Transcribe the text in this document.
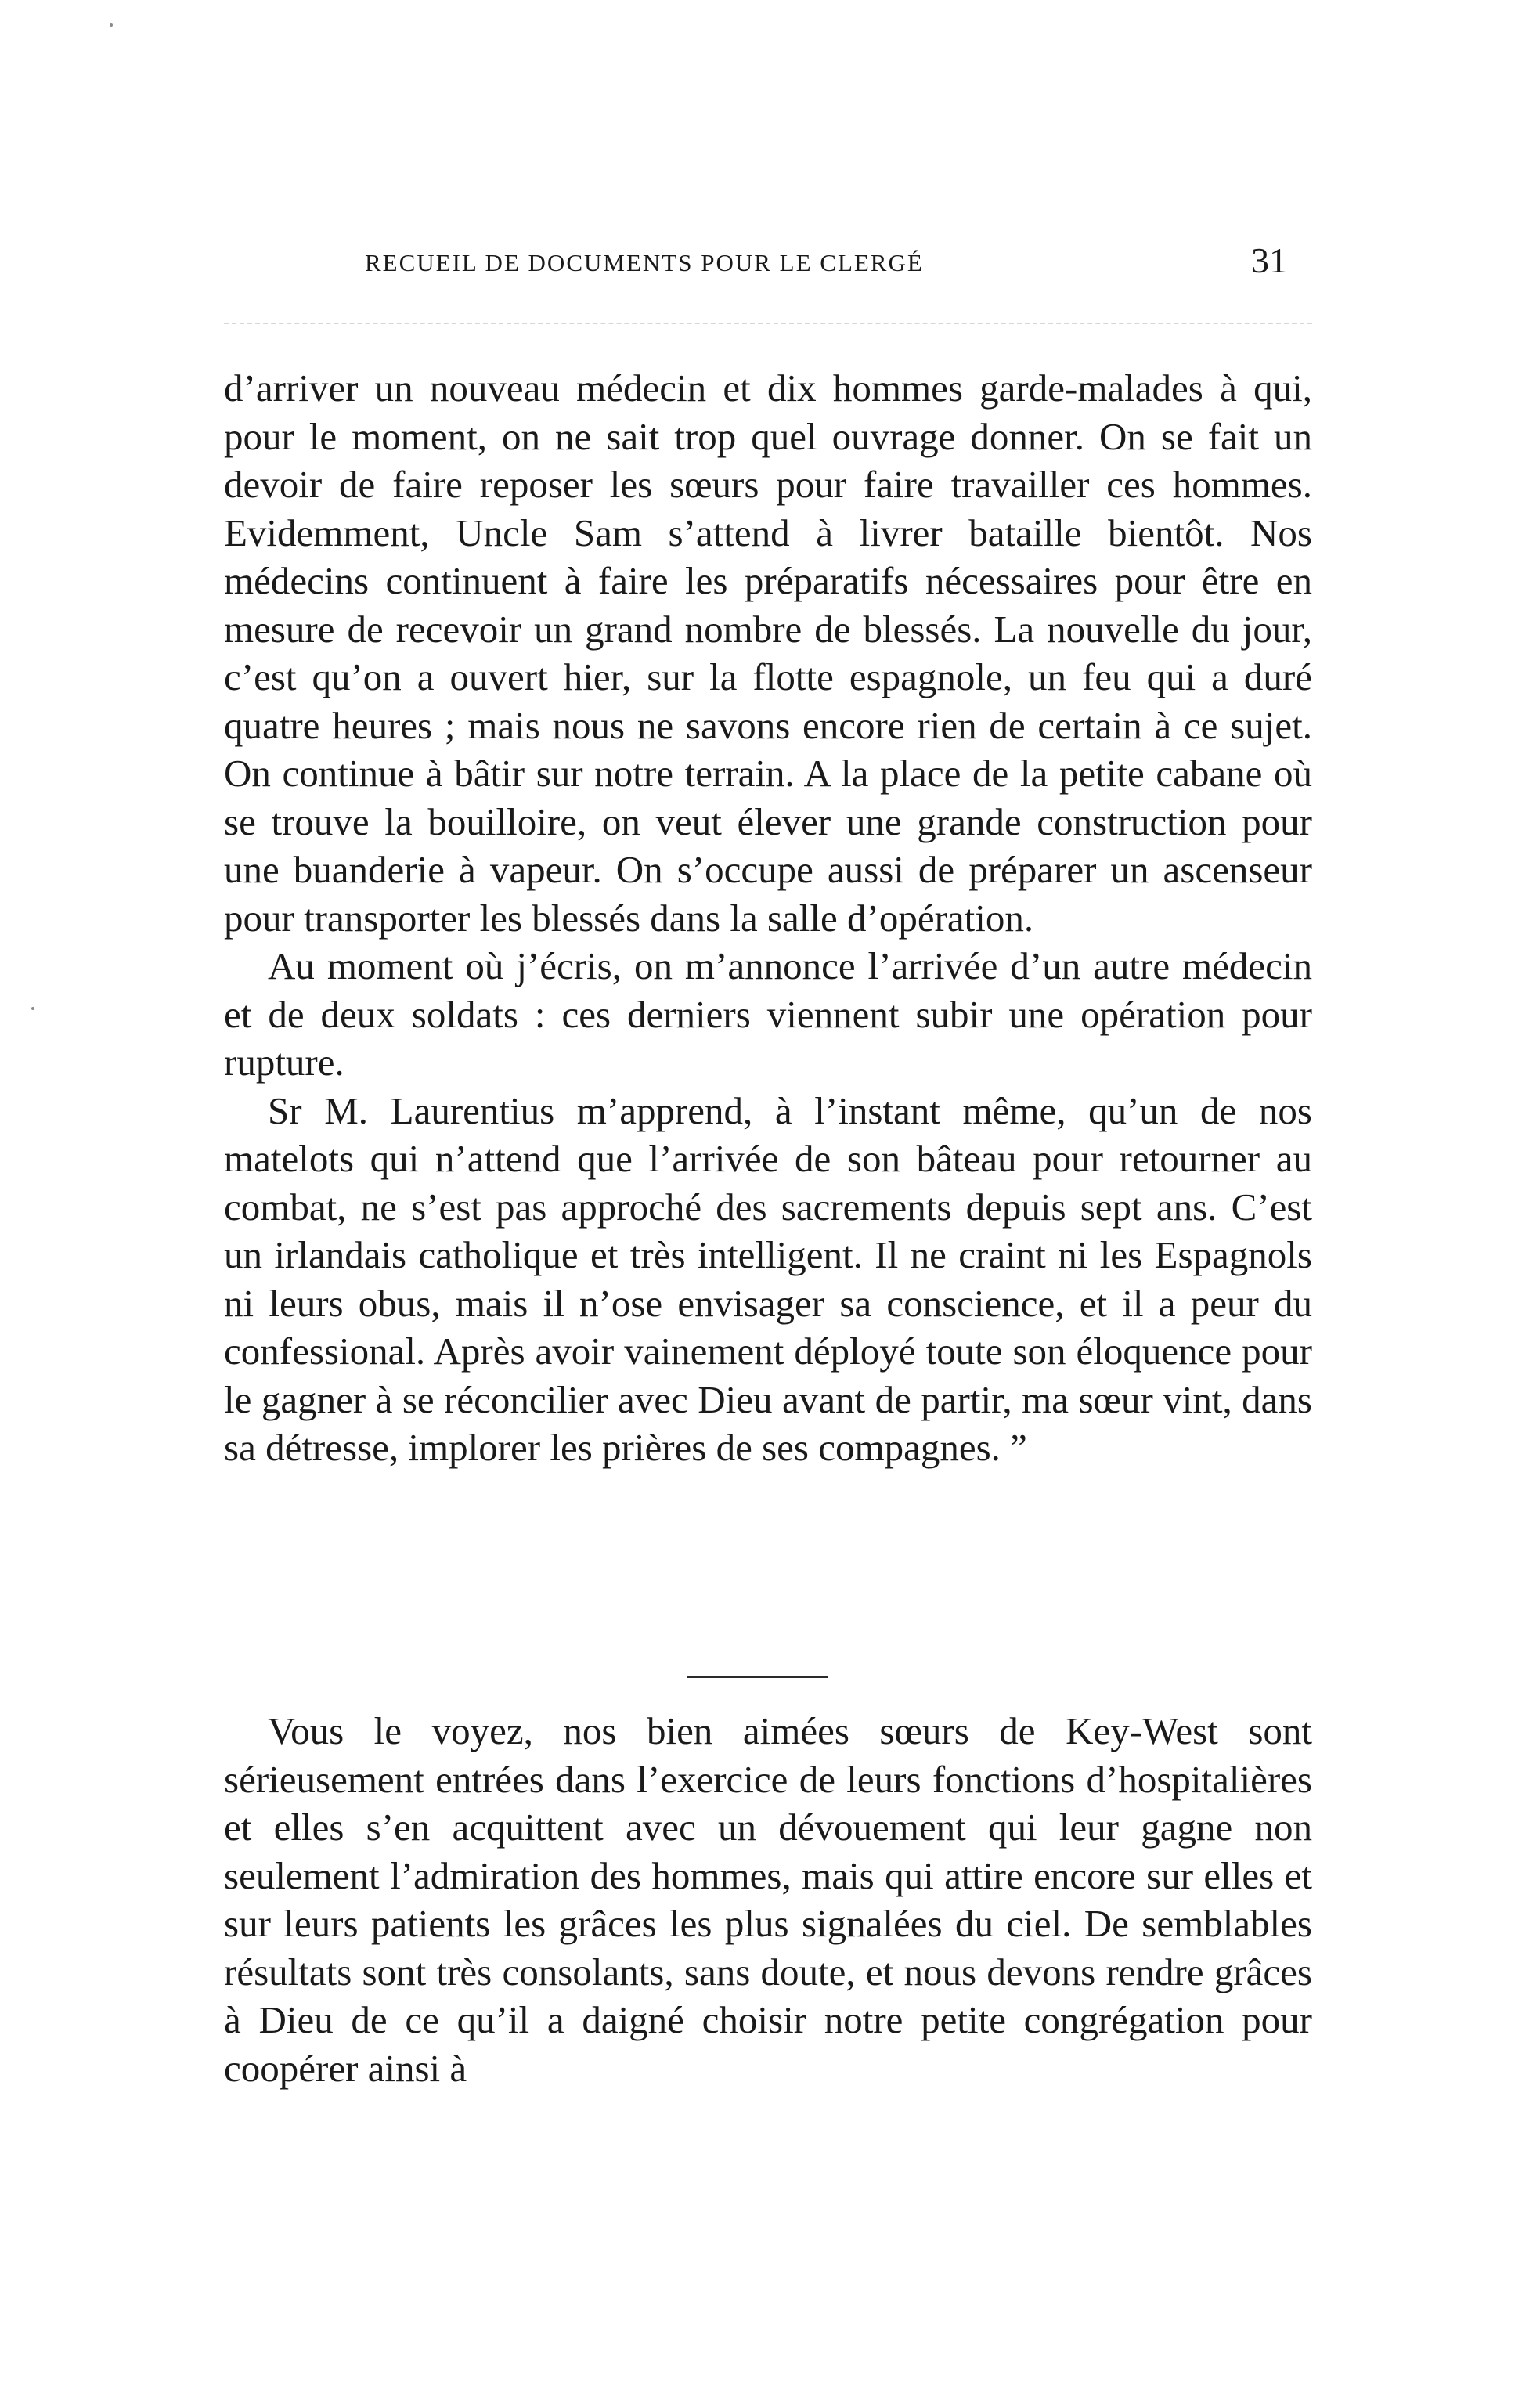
RECUEIL DE DOCUMENTS POUR LE CLERGÉ	31

d’arriver un nouveau médecin et dix hommes garde-malades à qui, pour le moment, on ne sait trop quel ouvrage donner. On se fait un devoir de faire reposer les sœurs pour faire travailler ces hommes. Evidemment, Uncle Sam s’attend à livrer bataille bientôt. Nos médecins continuent à faire les préparatifs nécessaires pour être en mesure de recevoir un grand nombre de blessés. La nouvelle du jour, c’est qu’on a ouvert hier, sur la flotte espagnole, un feu qui a duré quatre heures ; mais nous ne savons encore rien de certain à ce sujet. On continue à bâtir sur notre terrain. A la place de la petite cabane où se trouve la bouilloire, on veut élever une grande construction pour une buanderie à vapeur. On s’occupe aussi de préparer un ascenseur pour transporter les blessés dans la salle d’opération.

Au moment où j’écris, on m’annonce l’arrivée d’un autre médecin et de deux soldats : ces derniers viennent subir une opération pour rupture.

Sr M. Laurentius m’apprend, à l’instant même, qu’un de nos matelots qui n’attend que l’arrivée de son bâteau pour retourner au combat, ne s’est pas approché des sacrements depuis sept ans. C’est un irlandais catholique et très intelligent. Il ne craint ni les Espagnols ni leurs obus, mais il n’ose envisager sa conscience, et il a peur du confessional. Après avoir vainement déployé toute son éloquence pour le gagner à se réconcilier avec Dieu avant de partir, ma sœur vint, dans sa détresse, implorer les prières de ses compagnes. ”

Vous le voyez, nos bien aimées sœurs de Key-West sont sérieusement entrées dans l’exercice de leurs fonctions d’hospitalières et elles s’en acquittent avec un dévouement qui leur gagne non seulement l’admiration des hommes, mais qui attire encore sur elles et sur leurs patients les grâces les plus signalées du ciel. De semblables résultats sont très consolants, sans doute, et nous devons rendre grâces à Dieu de ce qu’il a daigné choisir notre petite congrégation pour coopérer ainsi à
